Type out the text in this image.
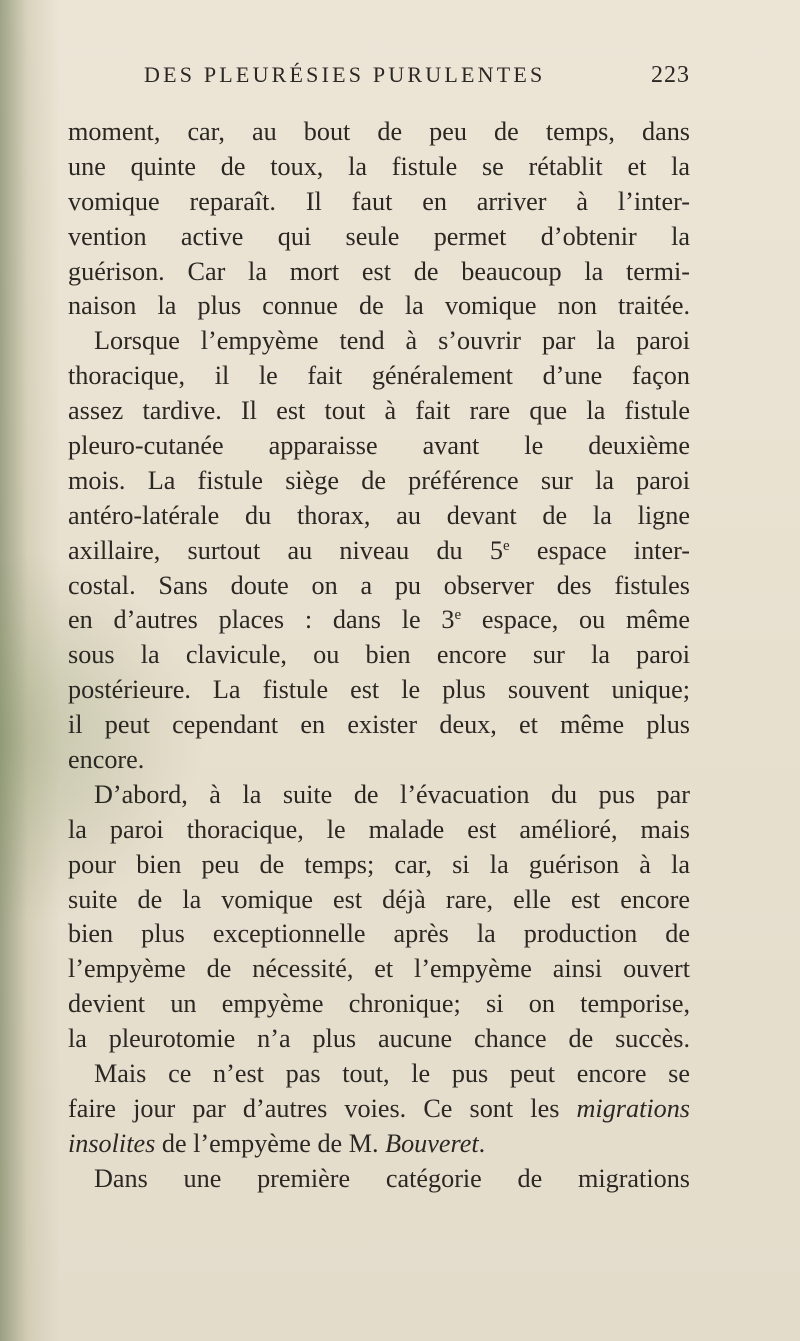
DES PLEURÉSIES PURULENTES	223
moment, car, au bout de peu de temps, dans
une quinte de toux, la fistule se rétablit et la
vomique reparaît. Il faut en arriver à l’inter-
vention active qui seule permet d’obtenir la
guérison. Car la mort est de beaucoup la termi-
naison la plus connue de la vomique non traitée.
Lorsque l’empyème tend à s’ouvrir par la paroi
thoracique, il le fait généralement d’une façon
assez tardive. Il est tout à fait rare que la fistule
pleuro-cutanée apparaisse avant le deuxième
mois. La fistule siège de préférence sur la paroi
antéro-latérale du thorax, au devant de la ligne
axillaire, surtout au niveau du 5e espace inter-
costal. Sans doute on a pu observer des fistules
en d’autres places : dans le 3e espace, ou même
sous la clavicule, ou bien encore sur la paroi
postérieure. La fistule est le plus souvent unique;
il peut cependant en exister deux, et même plus
encore.
D’abord, à la suite de l’évacuation du pus par
la paroi thoracique, le malade est amélioré, mais
pour bien peu de temps; car, si la guérison à la
suite de la vomique est déjà rare, elle est encore
bien plus exceptionnelle après la production de
l’empyème de nécessité, et l’empyème ainsi ouvert
devient un empyème chronique; si on temporise,
la pleurotomie n’a plus aucune chance de succès.
Mais ce n’est pas tout, le pus peut encore se
faire jour par d’autres voies. Ce sont les migrations
insolites de l’empyème de M. Bouveret.
Dans une première catégorie de migrations
